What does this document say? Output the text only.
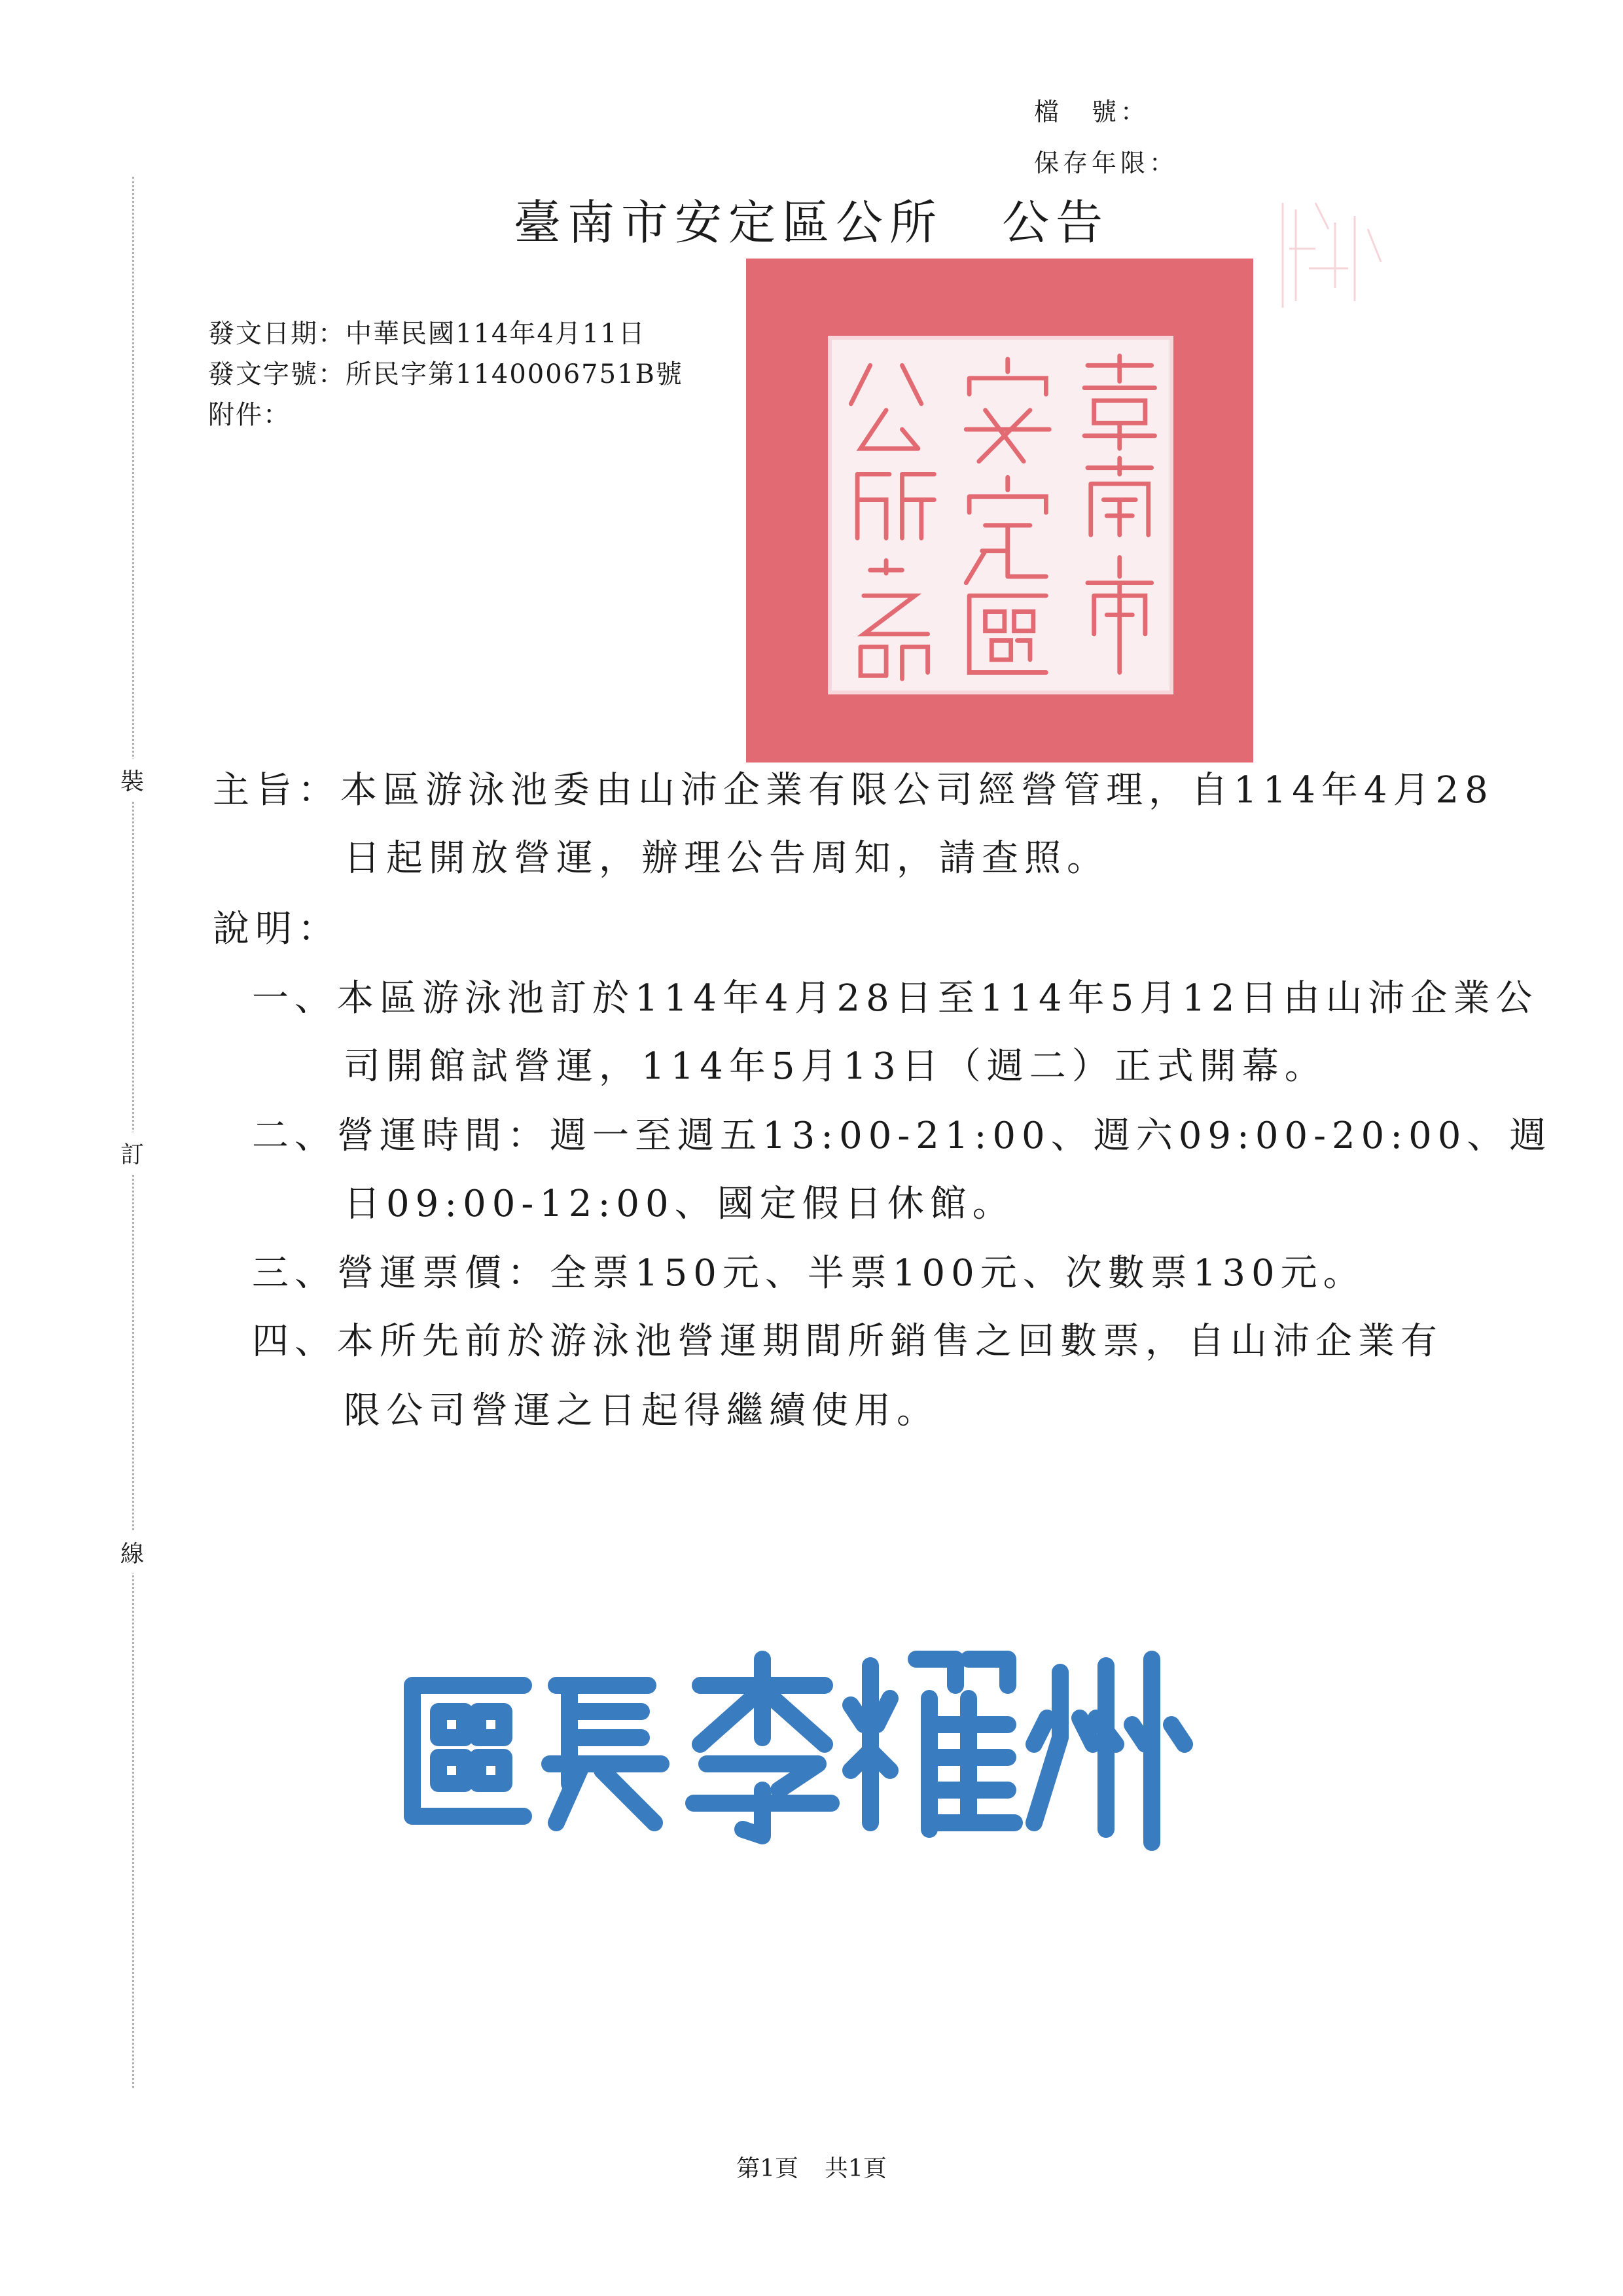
檔　號：
保存年限：
臺南市安定區公所 公告
發文日期：中華民國114年4月11日
發文字號：所民字第1140006751B號
附件：
裝
訂
線
主旨：本區游泳池委由山沛企業有限公司經營管理，自114年4月28
日起開放營運，辦理公告周知，請查照。
說明：
一、本區游泳池訂於114年4月28日至114年5月12日由山沛企業公
司開館試營運，114年5月13日（週二）正式開幕。
二、營運時間：週一至週五13:00-21:00、週六09:00-20:00、週
日09:00-12:00、國定假日休館。
三、營運票價：全票150元、半票100元、次數票130元。
四、本所先前於游泳池營運期間所銷售之回數票，自山沛企業有
限公司營運之日起得繼續使用。
第1頁 共1頁
